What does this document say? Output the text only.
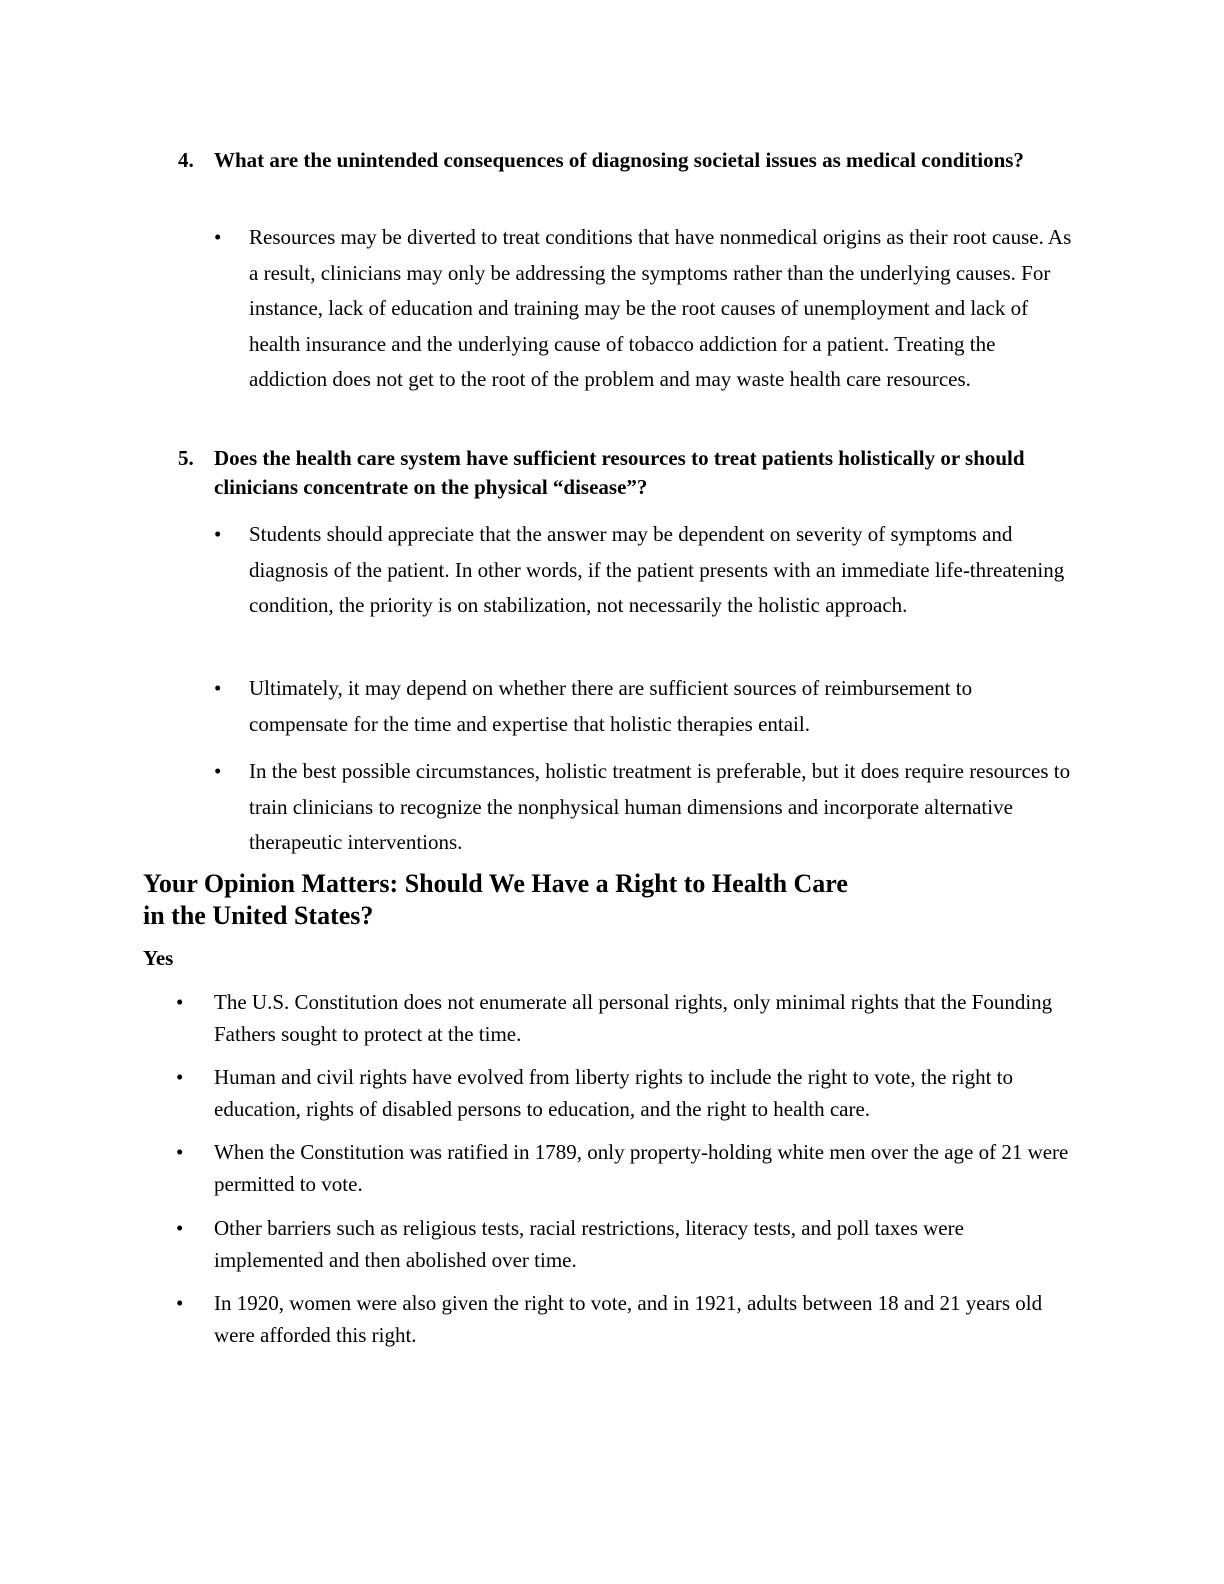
4. What are the unintended consequences of diagnosing societal issues as medical conditions?
• Resources may be diverted to treat conditions that have nonmedical origins as their root cause. As a result, clinicians may only be addressing the symptoms rather than the underlying causes. For instance, lack of education and training may be the root causes of unemployment and lack of health insurance and the underlying cause of tobacco addiction for a patient. Treating the addiction does not get to the root of the problem and may waste health care resources.
5. Does the health care system have sufficient resources to treat patients holistically or should clinicians concentrate on the physical “disease”?
• Students should appreciate that the answer may be dependent on severity of symptoms and diagnosis of the patient. In other words, if the patient presents with an immediate life-threatening condition, the priority is on stabilization, not necessarily the holistic approach.
• Ultimately, it may depend on whether there are sufficient sources of reimbursement to compensate for the time and expertise that holistic therapies entail.
• In the best possible circumstances, holistic treatment is preferable, but it does require resources to train clinicians to recognize the nonphysical human dimensions and incorporate alternative therapeutic interventions.
Your Opinion Matters: Should We Have a Right to Health Care
in the United States?
Yes
• The U.S. Constitution does not enumerate all personal rights, only minimal rights that the Founding Fathers sought to protect at the time.
• Human and civil rights have evolved from liberty rights to include the right to vote, the right to education, rights of disabled persons to education, and the right to health care.
• When the Constitution was ratified in 1789, only property-holding white men over the age of 21 were permitted to vote.
• Other barriers such as religious tests, racial restrictions, literacy tests, and poll taxes were implemented and then abolished over time.
• In 1920, women were also given the right to vote, and in 1921, adults between 18 and 21 years old were afforded this right.
